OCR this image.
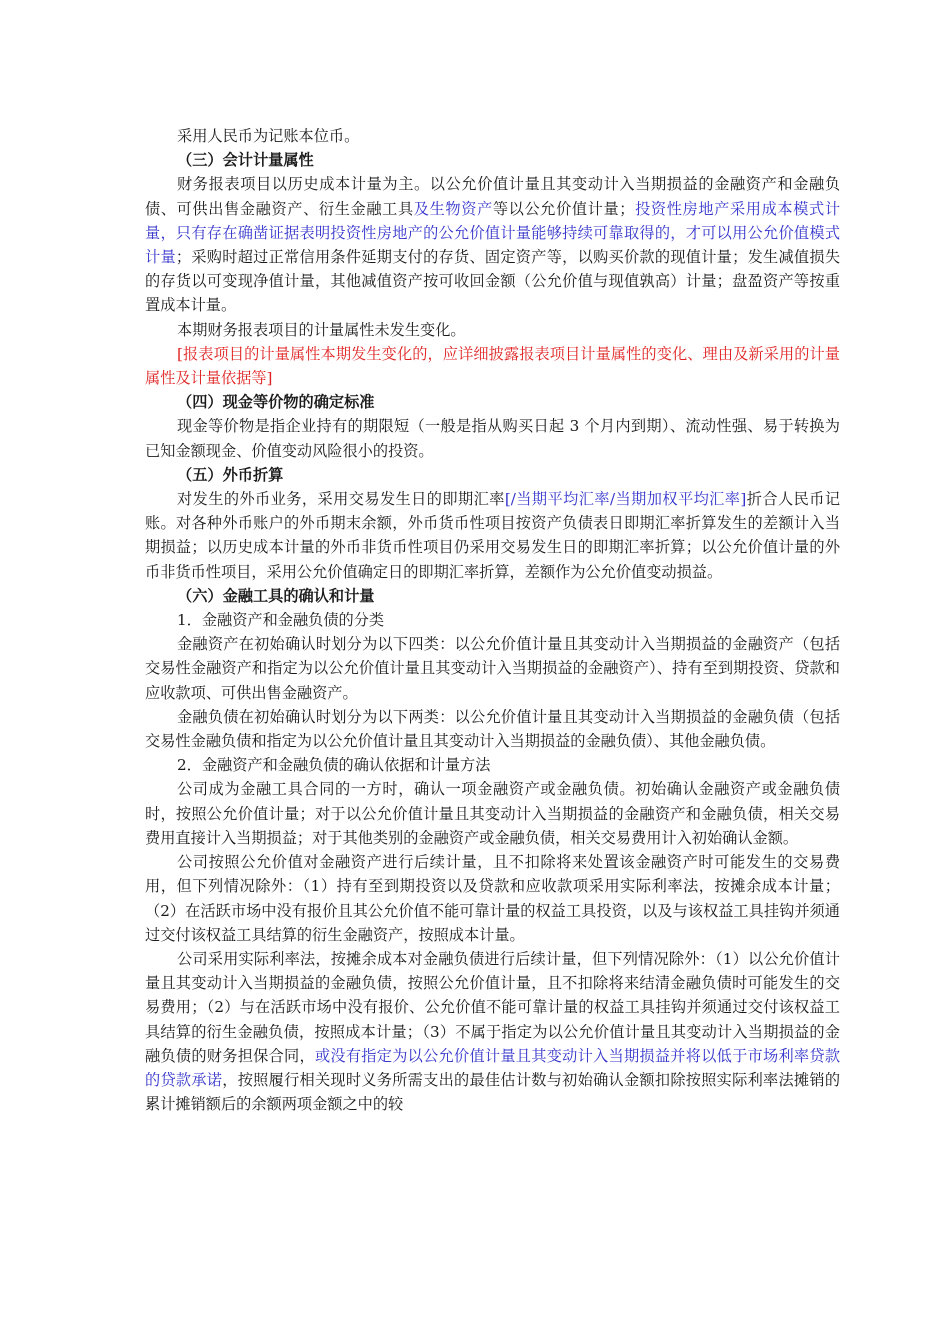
采用人民币为记账本位币。

（三）会计计量属性

财务报表项目以历史成本计量为主。以公允价值计量且其变动计入当期损益的金融资产和金融负债、可供出售金融资产、衍生金融工具及生物资产等以公允价值计量；投资性房地产采用成本模式计量，只有存在确凿证据表明投资性房地产的公允价值计量能够持续可靠取得的，才可以用公允价值模式计量；采购时超过正常信用条件延期支付的存货、固定资产等，以购买价款的现值计量；发生减值损失的存货以可变现净值计量，其他减值资产按可收回金额（公允价值与现值孰高）计量；盘盈资产等按重置成本计量。

本期财务报表项目的计量属性未发生变化。

[报表项目的计量属性本期发生变化的，应详细披露报表项目计量属性的变化、理由及新采用的计量属性及计量依据等]

（四）现金等价物的确定标准

现金等价物是指企业持有的期限短（一般是指从购买日起 3 个月内到期）、流动性强、易于转换为已知金额现金、价值变动风险很小的投资。

（五）外币折算

对发生的外币业务，采用交易发生日的即期汇率[/当期平均汇率/当期加权平均汇率]折合人民币记账。对各种外币账户的外币期末余额，外币货币性项目按资产负债表日即期汇率折算发生的差额计入当期损益；以历史成本计量的外币非货币性项目仍采用交易发生日的即期汇率折算；以公允价值计量的外币非货币性项目，采用公允价值确定日的即期汇率折算，差额作为公允价值变动损益。

（六）金融工具的确认和计量

1．金融资产和金融负债的分类

金融资产在初始确认时划分为以下四类：以公允价值计量且其变动计入当期损益的金融资产（包括交易性金融资产和指定为以公允价值计量且其变动计入当期损益的金融资产）、持有至到期投资、贷款和应收款项、可供出售金融资产。

金融负债在初始确认时划分为以下两类：以公允价值计量且其变动计入当期损益的金融负债（包括交易性金融负债和指定为以公允价值计量且其变动计入当期损益的金融负债）、其他金融负债。

2．金融资产和金融负债的确认依据和计量方法

公司成为金融工具合同的一方时，确认一项金融资产或金融负债。初始确认金融资产或金融负债时，按照公允价值计量；对于以公允价值计量且其变动计入当期损益的金融资产和金融负债，相关交易费用直接计入当期损益；对于其他类别的金融资产或金融负债，相关交易费用计入初始确认金额。

公司按照公允价值对金融资产进行后续计量，且不扣除将来处置该金融资产时可能发生的交易费用，但下列情况除外：（1）持有至到期投资以及贷款和应收款项采用实际利率法，按摊余成本计量；（2）在活跃市场中没有报价且其公允价值不能可靠计量的权益工具投资，以及与该权益工具挂钩并须通过交付该权益工具结算的衍生金融资产，按照成本计量。

公司采用实际利率法，按摊余成本对金融负债进行后续计量，但下列情况除外：（1）以公允价值计量且其变动计入当期损益的金融负债，按照公允价值计量，且不扣除将来结清金融负债时可能发生的交易费用；（2）与在活跃市场中没有报价、公允价值不能可靠计量的权益工具挂钩并须通过交付该权益工具结算的衍生金融负债，按照成本计量；（3）不属于指定为以公允价值计量且其变动计入当期损益的金融负债的财务担保合同，或没有指定为以公允价值计量且其变动计入当期损益并将以低于市场利率贷款的贷款承诺，按照履行相关现时义务所需支出的最佳估计数与初始确认金额扣除按照实际利率法摊销的累计摊销额后的余额两项金额之中的较
